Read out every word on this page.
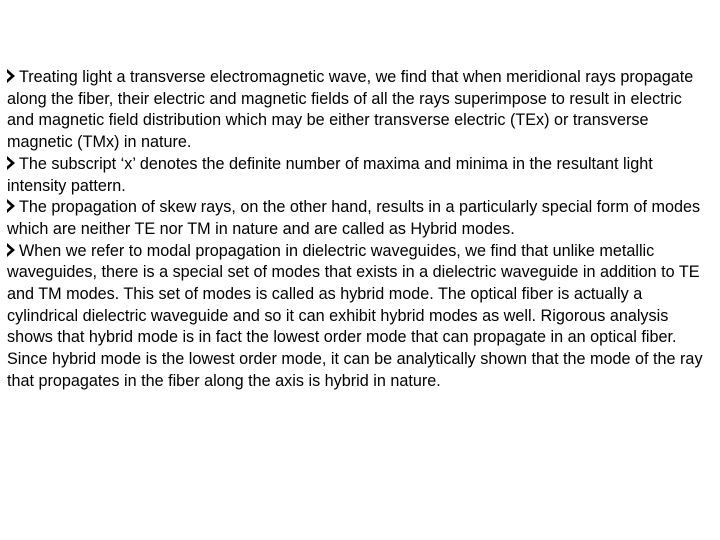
Treating light a transverse electromagnetic wave, we find that when meridional rays propagate along the fiber, their electric and magnetic fields of all the rays superimpose to result in electric and magnetic field distribution which may be either transverse electric (TEx) or transverse magnetic (TMx) in nature.

The subscript ‘x’ denotes the definite number of maxima and minima in the resultant light intensity pattern.

The propagation of skew rays, on the other hand, results in a particularly special form of modes which are neither TE nor TM in nature and are called as Hybrid modes.

When we refer to modal propagation in dielectric waveguides, we find that unlike metallic waveguides, there is a special set of modes that exists in a dielectric waveguide in addition to TE and TM modes. This set of modes is called as hybrid mode. The optical fiber is actually a cylindrical dielectric waveguide and so it can exhibit hybrid modes as well. Rigorous analysis shows that hybrid mode is in fact the lowest order mode that can propagate in an optical fiber. Since hybrid mode is the lowest order mode, it can be analytically shown that the mode of the ray that propagates in the fiber along the axis is hybrid in nature.
